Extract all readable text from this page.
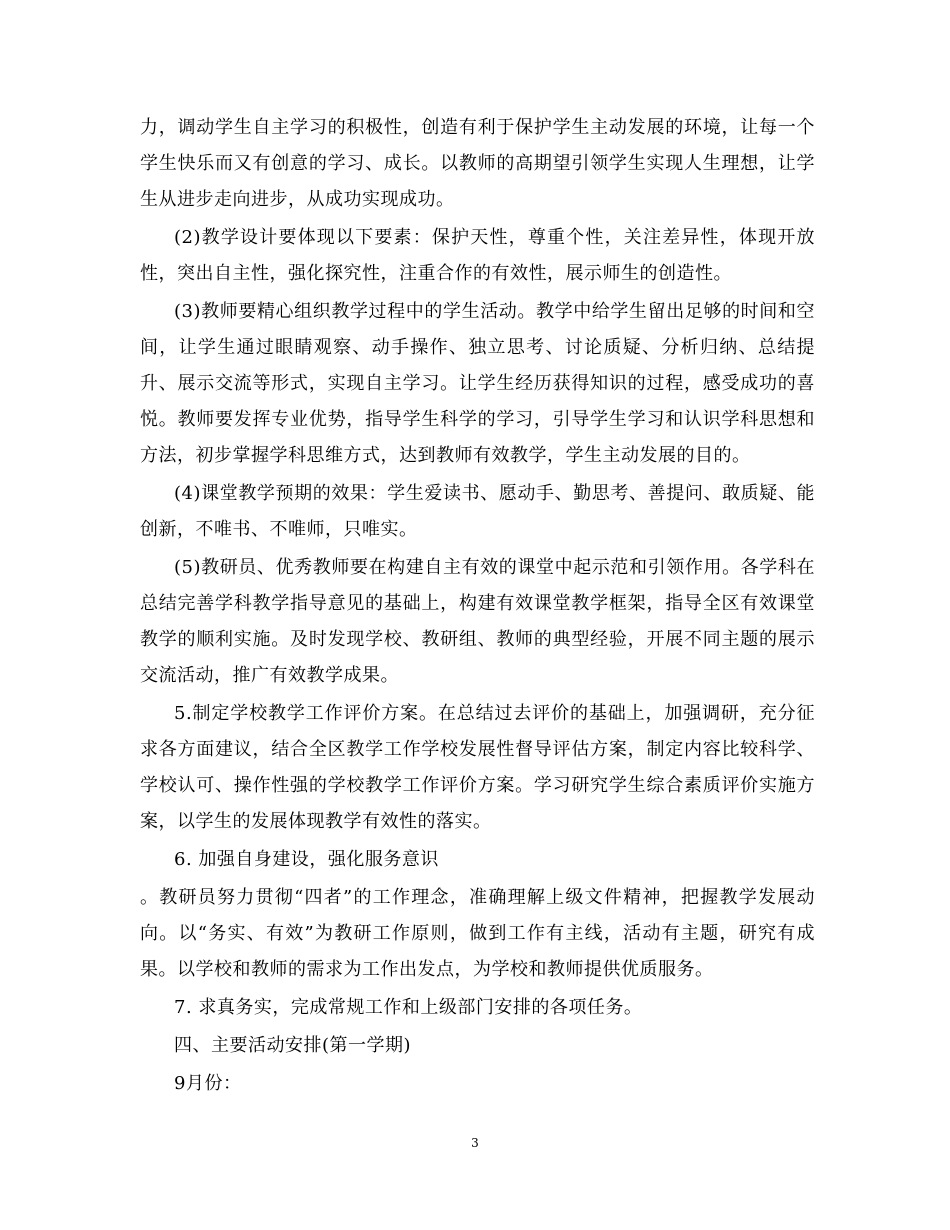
力，调动学生自主学习的积极性，创造有利于保护学生主动发展的环境，让每一个学生快乐而又有创意的学习、成长。以教师的高期望引领学生实现人生理想，让学生从进步走向进步，从成功实现成功。

(2)教学设计要体现以下要素：保护天性，尊重个性，关注差异性，体现开放性，突出自主性，强化探究性，注重合作的有效性，展示师生的创造性。

(3)教师要精心组织教学过程中的学生活动。教学中给学生留出足够的时间和空间，让学生通过眼睛观察、动手操作、独立思考、讨论质疑、分析归纳、总结提升、展示交流等形式，实现自主学习。让学生经历获得知识的过程，感受成功的喜悦。教师要发挥专业优势，指导学生科学的学习，引导学生学习和认识学科思想和方法，初步掌握学科思维方式，达到教师有效教学，学生主动发展的目的。

(4)课堂教学预期的效果：学生爱读书、愿动手、勤思考、善提问、敢质疑、能创新，不唯书、不唯师，只唯实。

(5)教研员、优秀教师要在构建自主有效的课堂中起示范和引领作用。各学科在总结完善学科教学指导意见的基础上，构建有效课堂教学框架，指导全区有效课堂教学的顺利实施。及时发现学校、教研组、教师的典型经验，开展不同主题的展示交流活动，推广有效教学成果。

5.制定学校教学工作评价方案。在总结过去评价的基础上，加强调研，充分征求各方面建议，结合全区教学工作学校发展性督导评估方案，制定内容比较科学、学校认可、操作性强的学校教学工作评价方案。学习研究学生综合素质评价实施方案，以学生的发展体现教学有效性的落实。

6. 加强自身建设，强化服务意识

。教研员努力贯彻“四者”的工作理念，准确理解上级文件精神，把握教学发展动向。以“务实、有效”为教研工作原则，做到工作有主线，活动有主题，研究有成果。以学校和教师的需求为工作出发点，为学校和教师提供优质服务。

7. 求真务实，完成常规工作和上级部门安排的各项任务。

四、主要活动安排(第一学期)

9月份：

3
